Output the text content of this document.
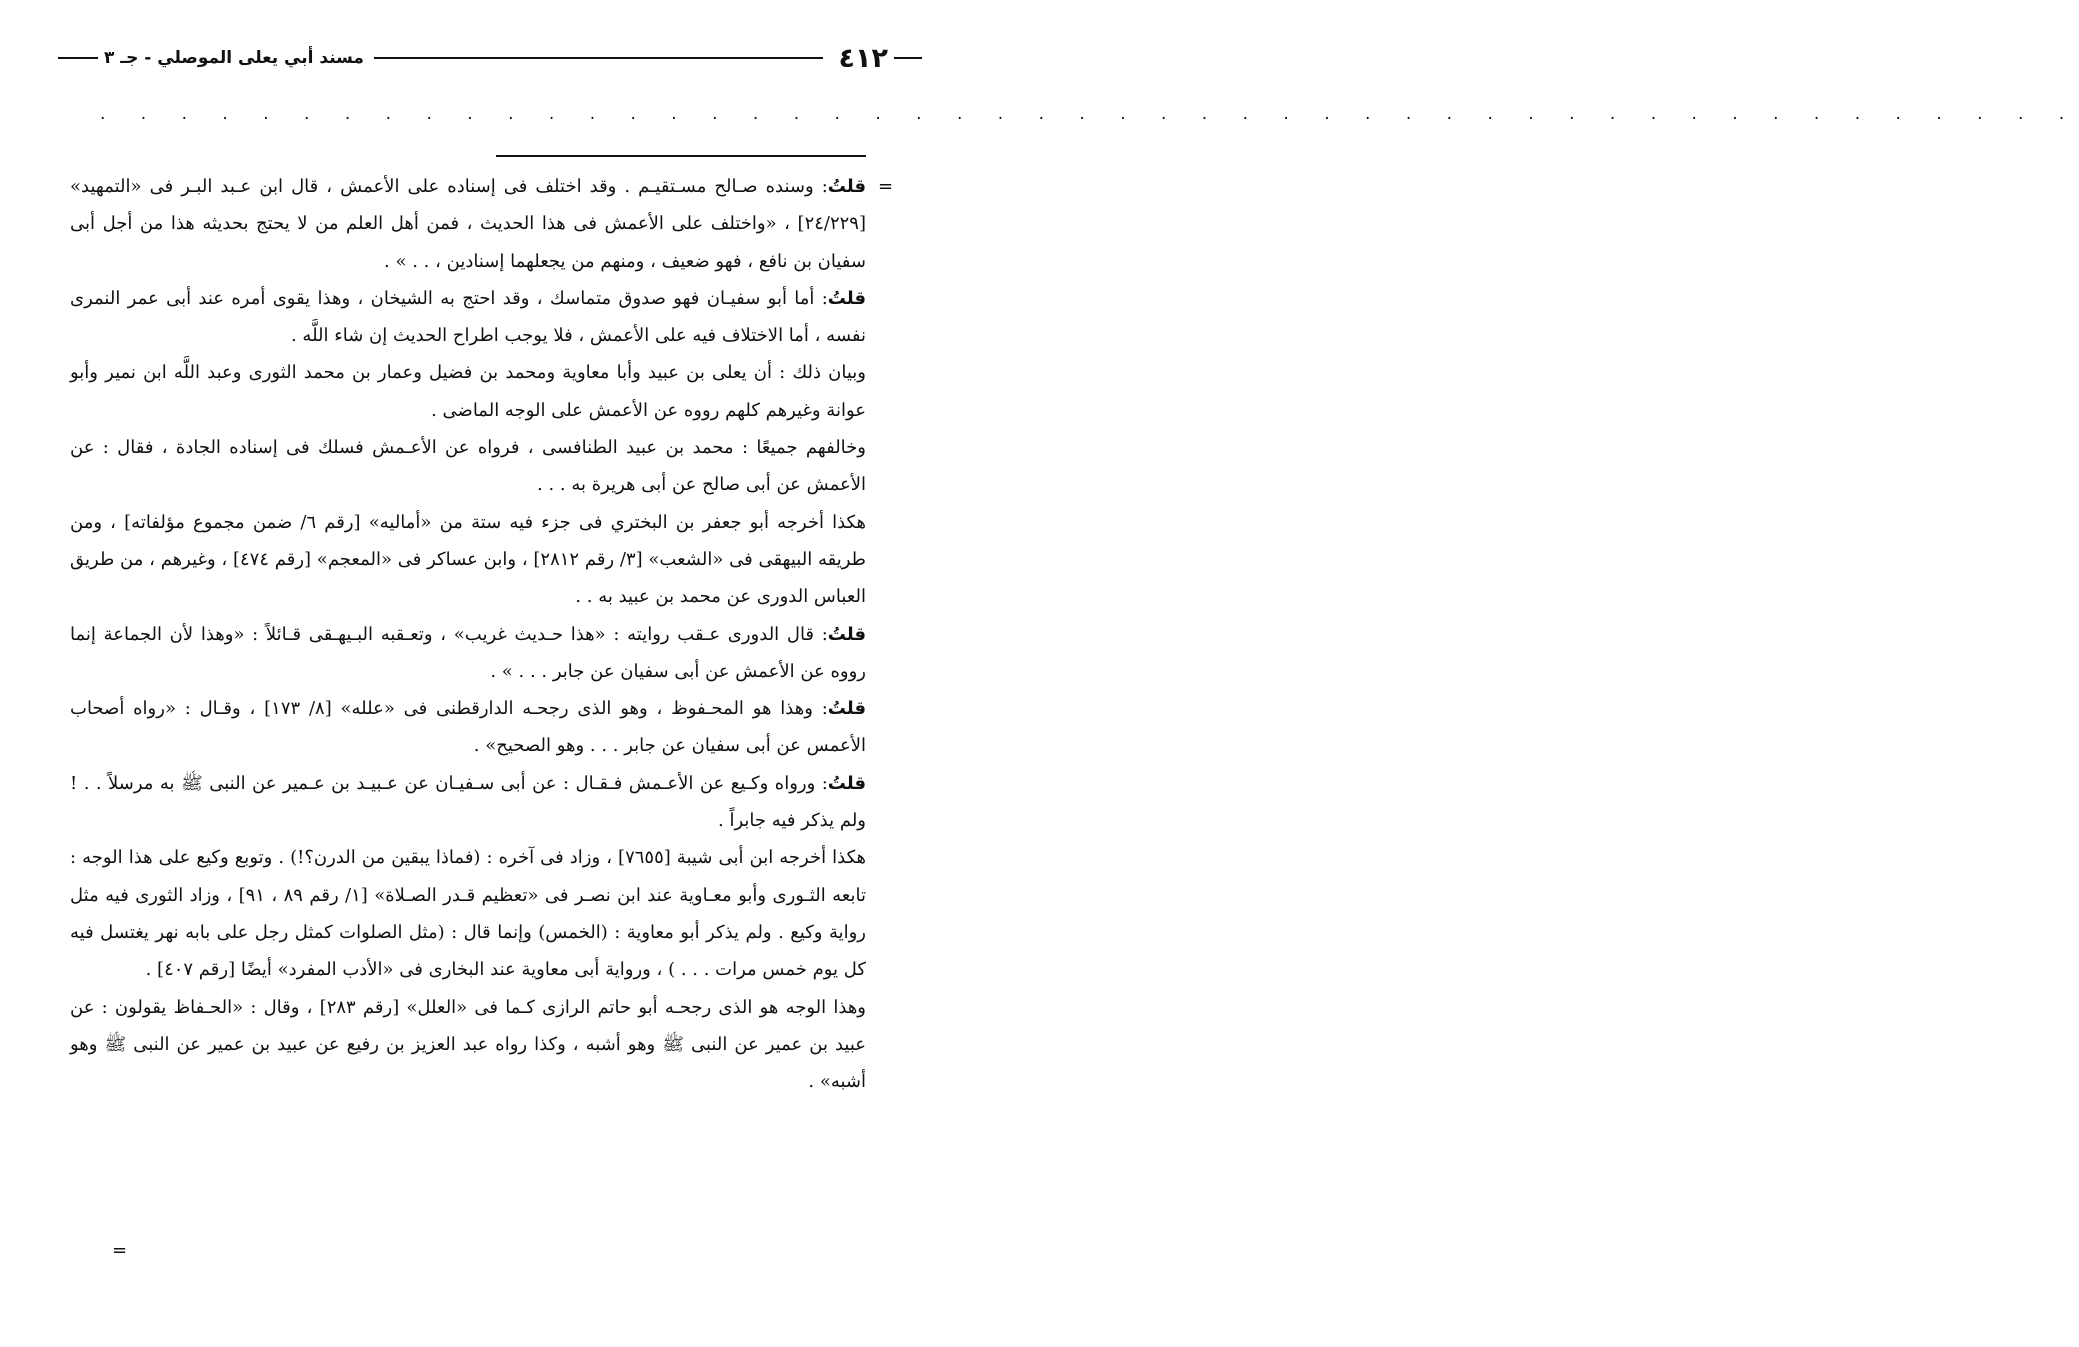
٤١٢
مسند أبي يعلى الموصلي - جـ ٣
. . . . . . . . . . . . . . . . . . . . . . . . . . . . . . . . . . . . . . . . . . . . . . . . .
=
=

قلتُ: وسنده صـالح مسـتقيـم . وقد اختلف فى إسناده على الأعمش ، قال ابن عـبد البـر فى «التمهيد» [٢٤/٢٢٩] ، «واختلف على الأعمش فى هذا الحديث ، فمن أهل العلم من لا يحتج بحديثه هذا من أجل أبى سفيان بن نافع ، فهو ضعيف ، ومنهم من يجعلهما إسنادين ، . . » .

قلتُ: أما أبو سفيـان فهو صدوق متماسك ، وقد احتج به الشيخان ، وهذا يقوى أمره عند أبى عمر النمرى نفسه ، أما الاختلاف فيه على الأعمش ، فلا يوجب اطراح الحديث إن شاء اللَّه .

وبيان ذلك : أن يعلى بن عبيد وأبا معاوية ومحمد بن فضيل وعمار بن محمد الثورى وعبد اللَّه ابن نمير وأبو عوانة وغيرهم كلهم رووه عن الأعمش على الوجه الماضى .

وخالفهم جميعًا : محمد بن عبيد الطنافسى ، فرواه عن الأعـمش فسلك فى إسناده الجادة ، فقال : عن الأعمش عن أبى صالح عن أبى هريرة به . . .

هكذا أخرجه أبو جعفر بن البختري فى جزء فيه ستة من «أماليه» [رقم ٦/ ضمن مجموع مؤلفاته] ، ومن طريقه البيهقى فى «الشعب» [٣/ رقم ٢٨١٢] ، وابن عساكر فى «المعجم» [رقم ٤٧٤] ، وغيرهم ، من طريق العباس الدورى عن محمد بن عبيد به . .

قلتُ: قال الدورى عـقب روايته : «هذا حـديث غريب» ، وتعـقبه البـيهـقى قـائلاً : «وهذا لأن الجماعة إنما رووه عن الأعمش عن أبى سفيان عن جابر . . . » .

قلتُ: وهذا هو المحـفوظ ، وهو الذى رجحـه الدارقطنى فى «علله» [٨/ ١٧٣] ، وقـال : «رواه أصحاب الأعمس عن أبى سفيان عن جابر . . . وهو الصحيح» .

قلتُ: ورواه وكـيع عن الأعـمش فـقـال : عن أبى سـفيـان عن عـبيـد بن عـمير عن النبى ﷺ به مرسلاً . . ! ولم يذكر فيه جابراً .

هكذا أخرجه ابن أبى شيبة [٧٦٥٥] ، وزاد فى آخره : (فماذا يبقين من الدرن؟!) . وتوبع وكيع على هذا الوجه : تابعه الثـورى وأبو معـاوية عند ابن نصـر فى «تعظيم قـدر الصـلاة» [١/ رقم ٨٩ ، ٩١] ، وزاد الثورى فيه مثل رواية وكيع . ولم يذكر أبو معاوية : (الخمس) وإنما قال : (مثل الصلوات كمثل رجل على بابه نهر يغتسل فيه كل يوم خمس مرات . . . ) ، ورواية أبى معاوية عند البخارى فى «الأدب المفرد» أيضًا [رقم ٤٠٧] .

وهذا الوجه هو الذى رجحـه أبو حاتم الرازى كـما فى «العلل» [رقم ٢٨٣] ، وقال : «الحـفاظ يقولون : عن عبيد بن عمير عن النبى ﷺ وهو أشبه ، وكذا رواه عبد العزيز بن رفيع عن عبيد بن عمير عن النبى ﷺ وهو أشبه» .
